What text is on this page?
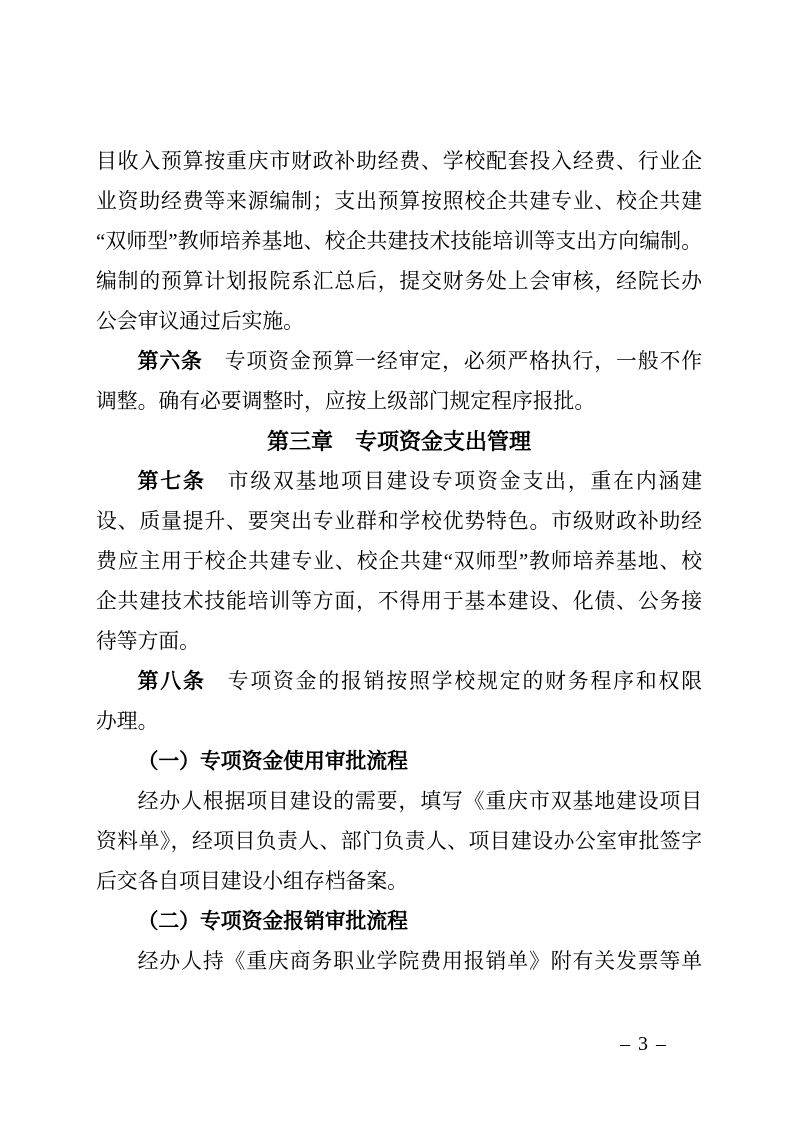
目收入预算按重庆市财政补助经费、学校配套投入经费、行业企
业资助经费等来源编制；支出预算按照校企共建专业、校企共建
“双师型”教师培养基地、校企共建技术技能培训等支出方向编制。
编制的预算计划报院系汇总后，提交财务处上会审核，经院长办
公会审议通过后实施。
第六条 专项资金预算一经审定，必须严格执行，一般不作
调整。确有必要调整时，应按上级部门规定程序报批。
第三章 专项资金支出管理
第七条 市级双基地项目建设专项资金支出，重在内涵建
设、质量提升、要突出专业群和学校优势特色。市级财政补助经
费应主用于校企共建专业、校企共建“双师型”教师培养基地、校
企共建技术技能培训等方面，不得用于基本建设、化债、公务接
待等方面。
第八条 专项资金的报销按照学校规定的财务程序和权限
办理。
（一）专项资金使用审批流程
经办人根据项目建设的需要，填写《重庆市双基地建设项目
资料单》，经项目负责人、部门负责人、项目建设办公室审批签字
后交各自项目建设小组存档备案。
（二）专项资金报销审批流程
经办人持《重庆商务职业学院费用报销单》附有关发票等单
– 3 –
